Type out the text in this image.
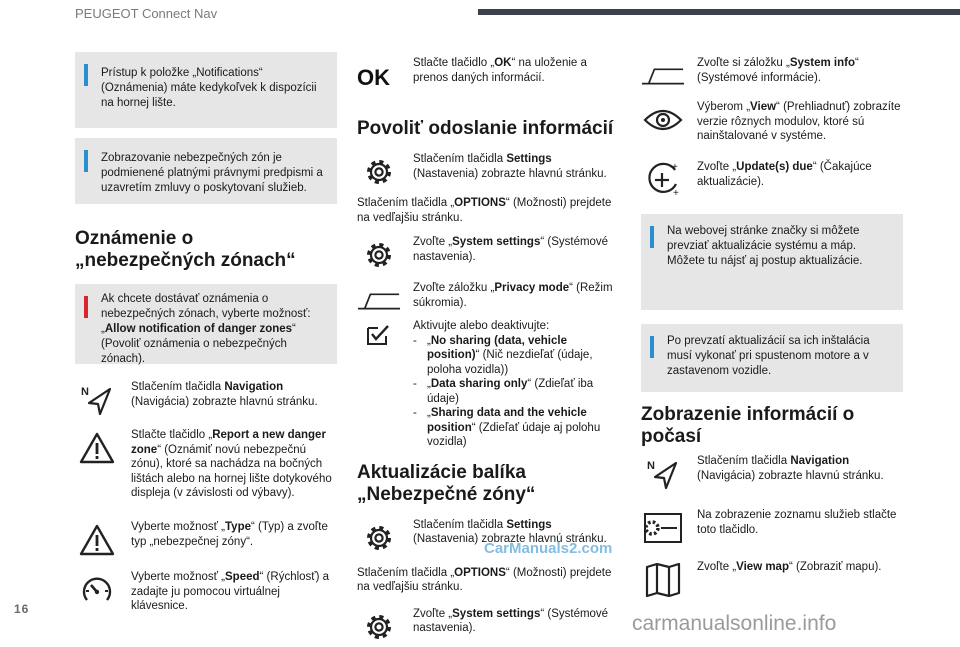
PEUGEOT Connect Nav
Prístup k položke „Notifications“ (Oznámenia) máte kedykoľvek k dispozícii na hornej lište.
Zobrazovanie nebezpečných zón je podmienené platnými právnymi predpismi a uzavretím zmluvy o poskytovaní služieb.
Oznámenie o „nebezpečných zónach“
Ak chcete dostávať oznámenia o nebezpečných zónach, vyberte možnosť: „Allow notification of danger zones“ (Povoliť oznámenia o nebezpečných zónach).
N	Stlačením tlačidla Navigation (Navigácia) zobrazte hlavnú stránku.
Stlačte tlačidlo „Report a new danger zone“ (Oznámiť novú nebezpečnú zónu), ktoré sa nachádza na bočných lištách alebo na hornej lište dotykového displeja (v závislosti od výbavy).
Vyberte možnosť „Type“ (Typ) a zvoľte typ „nebezpečnej zóny“.
Vyberte možnosť „Speed“ (Rýchlosť) a zadajte ju pomocou virtuálnej klávesnice.
OK
Stlačte tlačidlo „OK“ na uloženie a prenos daných informácií.
Povoliť odoslanie informácií
Stlačením tlačidla Settings (Nastavenia) zobrazte hlavnú stránku.
Stlačením tlačidla „OPTIONS“ (Možnosti) prejdete na vedľajšiu stránku.
Zvoľte „System settings“ (Systémové nastavenia).
Zvoľte záložku „Privacy mode“ (Režim súkromia).
Aktivujte alebo deaktivujte:
- „No sharing (data, vehicle position)“ (Nič nezdieľať (údaje, poloha vozidla))
- „Data sharing only“ (Zdieľať iba údaje)
- „Sharing data and the vehicle position“ (Zdieľať údaje aj polohu vozidla)
Aktualizácie balíka „Nebezpečné zóny“
Stlačením tlačidla Settings (Nastavenia) zobrazte hlavnú stránku.
Stlačením tlačidla „OPTIONS“ (Možnosti) prejdete na vedľajšiu stránku.
Zvoľte „System settings“ (Systémové nastavenia).
Zvoľte si záložku „System info“ (Systémové informácie).
Výberom „View“ (Prehliadnuť) zobrazíte verzie rôznych modulov, ktoré sú nainštalované v systéme.
+
+
Zvoľte „Update(s) due“ (Čakajúce aktualizácie).
Na webovej stránke značky si môžete prevziať aktualizácie systému a máp. Môžete tu nájsť aj postup aktualizácie.
Po prevzatí aktualizácií sa ich inštalácia musí vykonať pri spustenom motore a v zastavenom vozidle.
Zobrazenie informácií o počasí
N	Stlačením tlačidla Navigation (Navigácia) zobrazte hlavnú stránku.
Na zobrazenie zoznamu služieb stlačte toto tlačidlo.
Zvoľte „View map“ (Zobraziť mapu).
16
CarManuals2.com
carmanualsonline.info
